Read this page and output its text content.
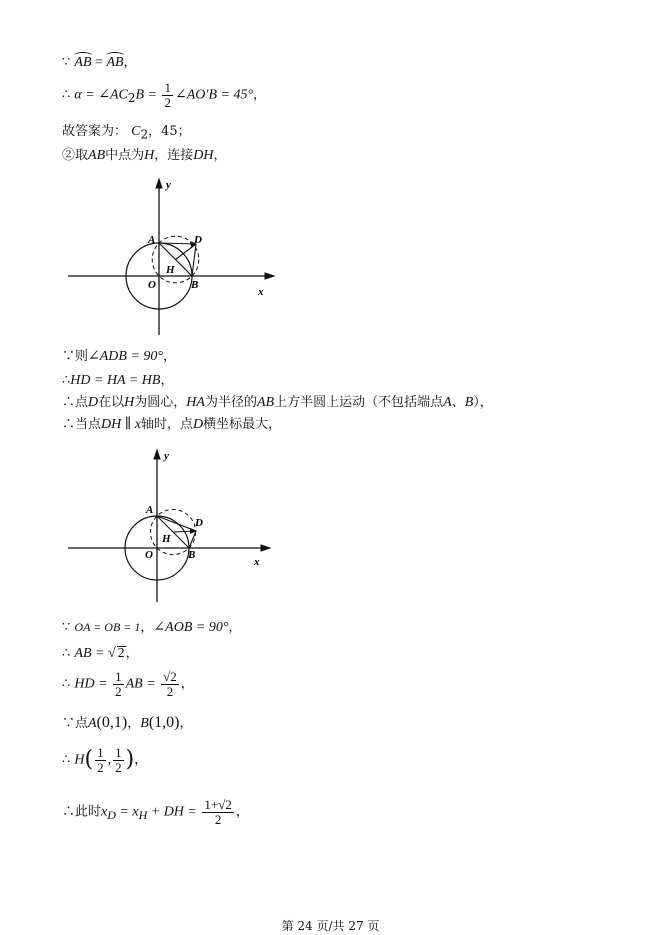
∵ AB = AB，
∴ $\alpha = \angle AC_2B = \frac{1}{2}$ ∠AO′B = 45°，
故答案为： $C_2$，45；
②取AB中点为H，连接DH，
y
x
A	D
H
O	B
∵则∠ADB = 90°，
∴HD = HA = HB，
∴点D在以H为圆心，HA为半径的AB上方半圆上运动（不包括端点A、B），
∴当点DH ∥ x轴时，点D横坐标最大，
y
x
A
D
H
O	B
∵ OA = OB = 1，∠AOB = 90°，
∴ AB = √ 2，
∴ HD = $\frac{1}{2}$ AB = $\frac{√2}{2}$ ，
∵点A(0,1)，B(1,0)，
∴ $H( \frac{1}{2}$ , $\frac{1}{2}$ )，
∴此时$x_D = x_H$ + DH = $\frac{1+√2}{2}$ ，
第 24 页/共 27 页
